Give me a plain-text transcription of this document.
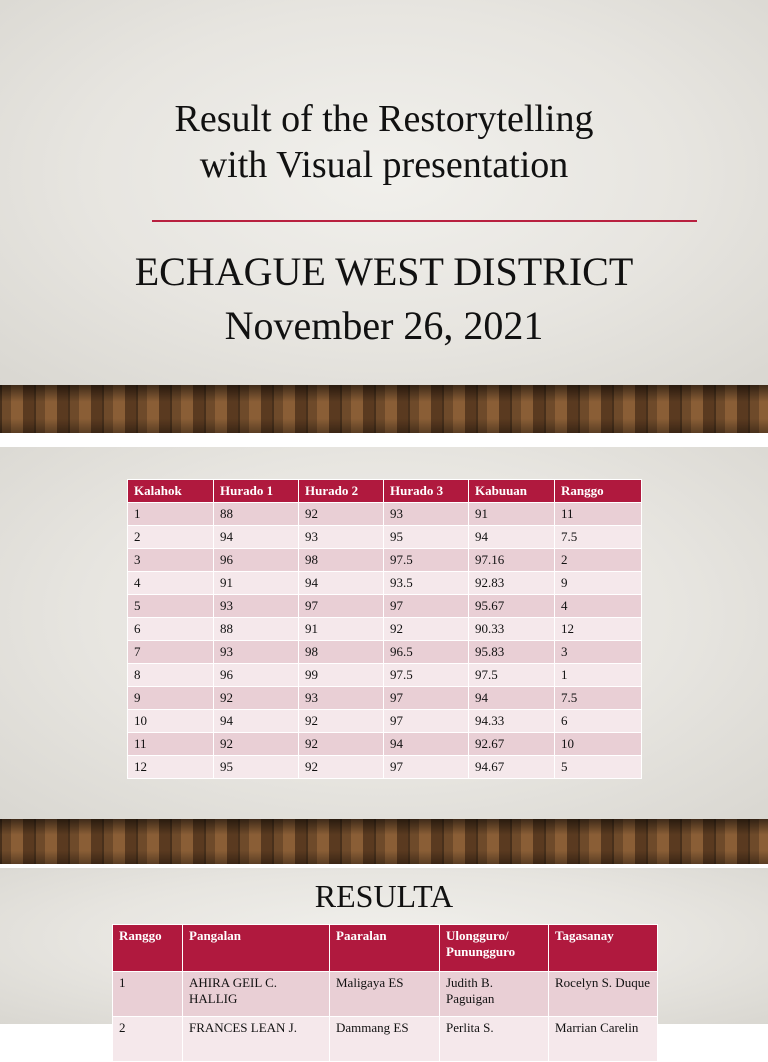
Result of the Restorytelling
with Visual presentation
ECHAGUE WEST DISTRICT
November 26, 2021
Kalahok	Hurado 1	Hurado 2	Hurado 3	Kabuuan	Ranggo
1	88	92	93	91	11
2	94	93	95	94	7.5
3	96	98	97.5	97.16	2
4	91	94	93.5	92.83	9
5	93	97	97	95.67	4
6	88	91	92	90.33	12
7	93	98	96.5	95.83	3
8	96	99	97.5	97.5	1
9	92	93	97	94	7.5
10	94	92	97	94.33	6
11	92	92	94	92.67	10
12	95	92	97	94.67	5
RESULTA
Ranggo	Pangalan	Paaralan	Ulongguro/ Punungguro	Tagasanay
1	AHIRA GEIL C. HALLIG	Maligaya ES	Judith B. Paguigan	Rocelyn S. Duque
2	FRANCES LEAN J.	Dammang ES	Perlita S.	Marrian Carelin
